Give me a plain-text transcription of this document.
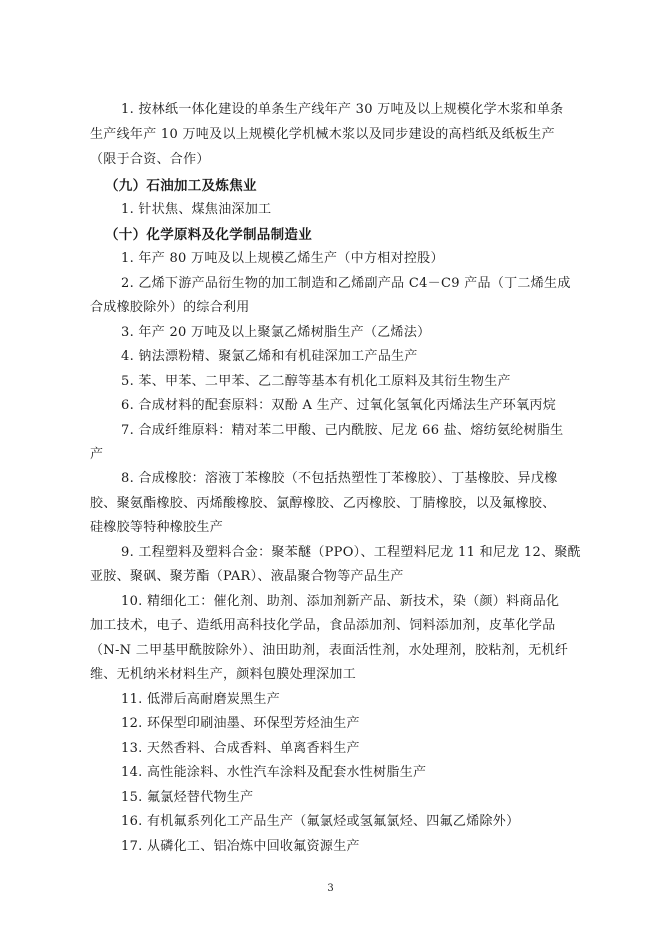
1. 按林纸一体化建设的单条生产线年产 30 万吨及以上规模化学木浆和单条
生产线年产 10 万吨及以上规模化学机械木浆以及同步建设的高档纸及纸板生产
（限于合资、合作）
（九）石油加工及炼焦业
1. 针状焦、煤焦油深加工
（十）化学原料及化学制品制造业
1. 年产 80 万吨及以上规模乙烯生产（中方相对控股）
2. 乙烯下游产品衍生物的加工制造和乙烯副产品 C4－C9 产品（丁二烯生成
合成橡胶除外）的综合利用
3. 年产 20 万吨及以上聚氯乙烯树脂生产（乙烯法）
4. 钠法漂粉精、聚氯乙烯和有机硅深加工产品生产
5. 苯、甲苯、二甲苯、乙二醇等基本有机化工原料及其衍生物生产
6. 合成材料的配套原料：双酚 A 生产、过氧化氢氧化丙烯法生产环氧丙烷
7. 合成纤维原料：精对苯二甲酸、己内酰胺、尼龙 66 盐、熔纺氨纶树脂生
产
8. 合成橡胶：溶液丁苯橡胶（不包括热塑性丁苯橡胶）、丁基橡胶、异戊橡
胶、聚氨酯橡胶、丙烯酸橡胶、氯醇橡胶、乙丙橡胶、丁腈橡胶，以及氟橡胶、
硅橡胶等特种橡胶生产
9. 工程塑料及塑料合金：聚苯醚（PPO）、工程塑料尼龙 11 和尼龙 12、聚酰
亚胺、聚砜、聚芳酯（PAR）、液晶聚合物等产品生产
10. 精细化工：催化剂、助剂、添加剂新产品、新技术，染（颜）料商品化
加工技术，电子、造纸用高科技化学品，食品添加剂、饲料添加剂，皮革化学品
（N-N 二甲基甲酰胺除外）、油田助剂，表面活性剂，水处理剂，胶粘剂，无机纤
维、无机纳米材料生产，颜料包膜处理深加工
11. 低滞后高耐磨炭黑生产
12. 环保型印刷油墨、环保型芳烃油生产
13. 天然香料、合成香料、单离香料生产
14. 高性能涂料、水性汽车涂料及配套水性树脂生产
15. 氟氯烃替代物生产
16. 有机氟系列化工产品生产（氟氯烃或氢氟氯烃、四氟乙烯除外）
17. 从磷化工、铝冶炼中回收氟资源生产
3
